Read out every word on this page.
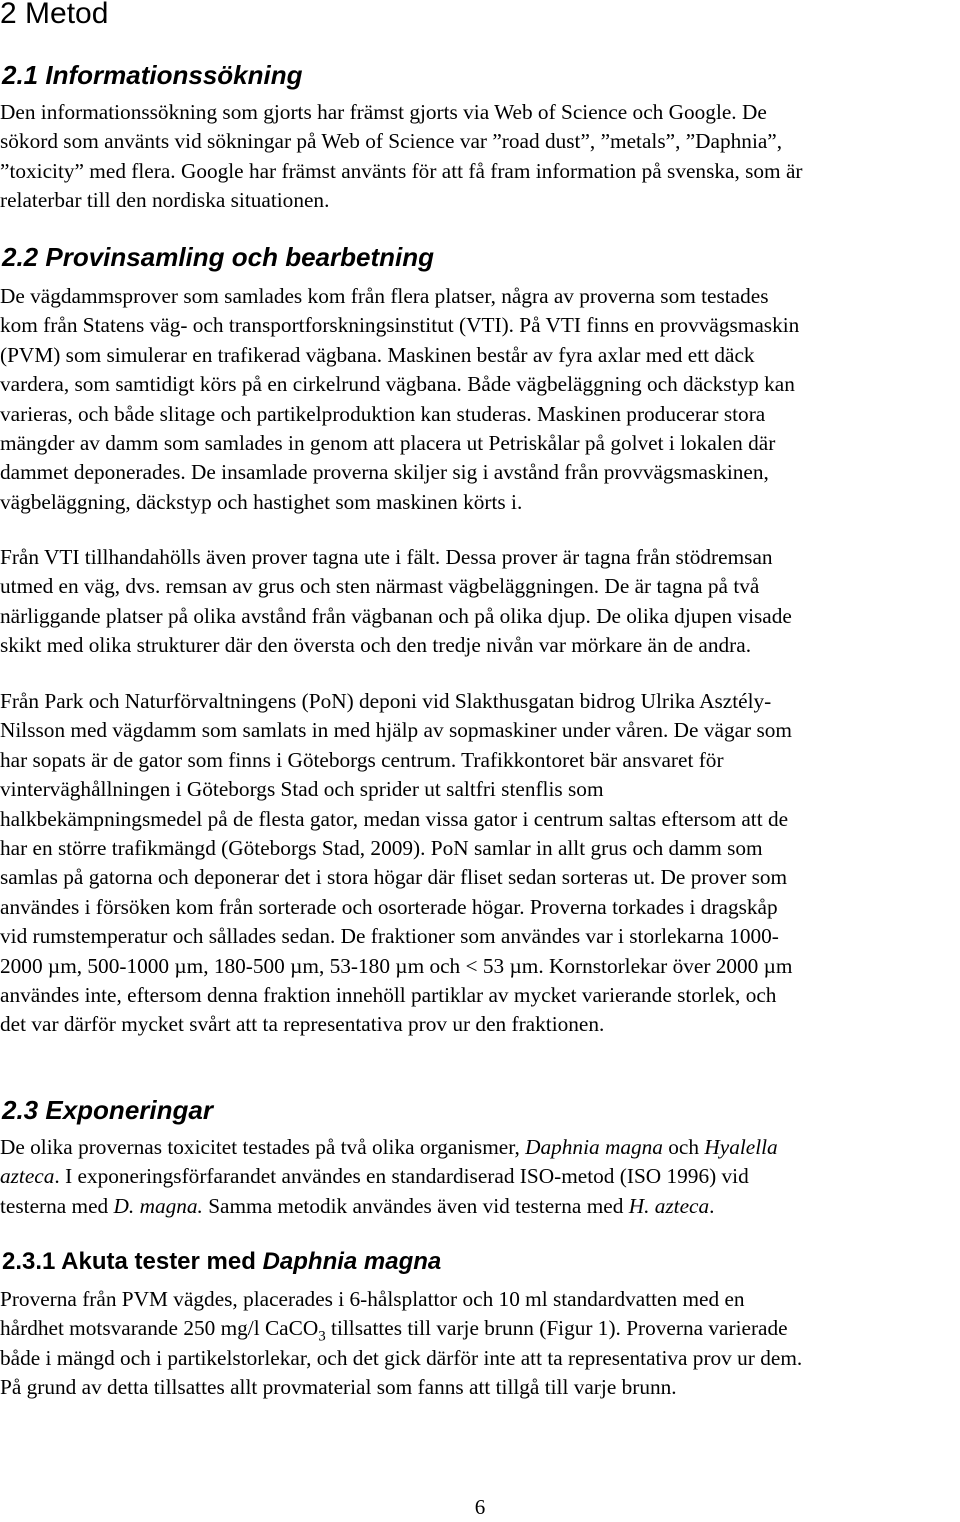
2 Metod
2.1 Informationssökning
Den informationssökning som gjorts har främst gjorts via Web of Science och Google. De
sökord som använts vid sökningar på Web of Science var ”road dust”, ”metals”, ”Daphnia”,
”toxicity” med flera. Google har främst använts för att få fram information på svenska, som är
relaterbar till den nordiska situationen.
2.2 Provinsamling och bearbetning
De vägdammsprover som samlades kom från flera platser, några av proverna som testades
kom från Statens väg- och transportforskningsinstitut (VTI). På VTI finns en provvägsmaskin
(PVM) som simulerar en trafikerad vägbana. Maskinen består av fyra axlar med ett däck
vardera, som samtidigt körs på en cirkelrund vägbana. Både vägbeläggning och däckstyp kan
varieras, och både slitage och partikelproduktion kan studeras. Maskinen producerar stora
mängder av damm som samlades in genom att placera ut Petriskålar på golvet i lokalen där
dammet deponerades. De insamlade proverna skiljer sig i avstånd från provvägsmaskinen,
vägbeläggning, däckstyp och hastighet som maskinen körts i.
Från VTI tillhandahölls även prover tagna ute i fält. Dessa prover är tagna från stödremsan
utmed en väg, dvs. remsan av grus och sten närmast vägbeläggningen. De är tagna på två
närliggande platser på olika avstånd från vägbanan och på olika djup. De olika djupen visade
skikt med olika strukturer där den översta och den tredje nivån var mörkare än de andra.
Från Park och Naturförvaltningens (PoN) deponi vid Slakthusgatan bidrog Ulrika Asztély-
Nilsson med vägdamm som samlats in med hjälp av sopmaskiner under våren. De vägar som
har sopats är de gator som finns i Göteborgs centrum. Trafikkontoret bär ansvaret för
vinterväghållningen i Göteborgs Stad och sprider ut saltfri stenflis som
halkbekämpningsmedel på de flesta gator, medan vissa gator i centrum saltas eftersom att de
har en större trafikmängd (Göteborgs Stad, 2009). PoN samlar in allt grus och damm som
samlas på gatorna och deponerar det i stora högar där fliset sedan sorteras ut. De prover som
användes i försöken kom från sorterade och osorterade högar. Proverna torkades i dragskåp
vid rumstemperatur och sållades sedan. De fraktioner som användes var i storlekarna 1000-
2000 µm, 500-1000 µm, 180-500 µm, 53-180 µm och < 53 µm. Kornstorlekar över 2000 µm
användes inte, eftersom denna fraktion innehöll partiklar av mycket varierande storlek, och
det var därför mycket svårt att ta representativa prov ur den fraktionen.
2.3 Exponeringar
De olika provernas toxicitet testades på två olika organismer, Daphnia magna och Hyalella
azteca. I exponeringsförfarandet användes en standardiserad ISO-metod (ISO 1996) vid
testerna med D. magna. Samma metodik användes även vid testerna med H. azteca.
2.3.1 Akuta tester med Daphnia magna
Proverna från PVM vägdes, placerades i 6-hålsplattor och 10 ml standardvatten med en
hårdhet motsvarande 250 mg/l CaCO$_3$ tillsattes till varje brunn (Figur 1). Proverna varierade
både i mängd och i partikelstorlekar, och det gick därför inte att ta representativa prov ur dem.
På grund av detta tillsattes allt provmaterial som fanns att tillgå till varje brunn.
6
